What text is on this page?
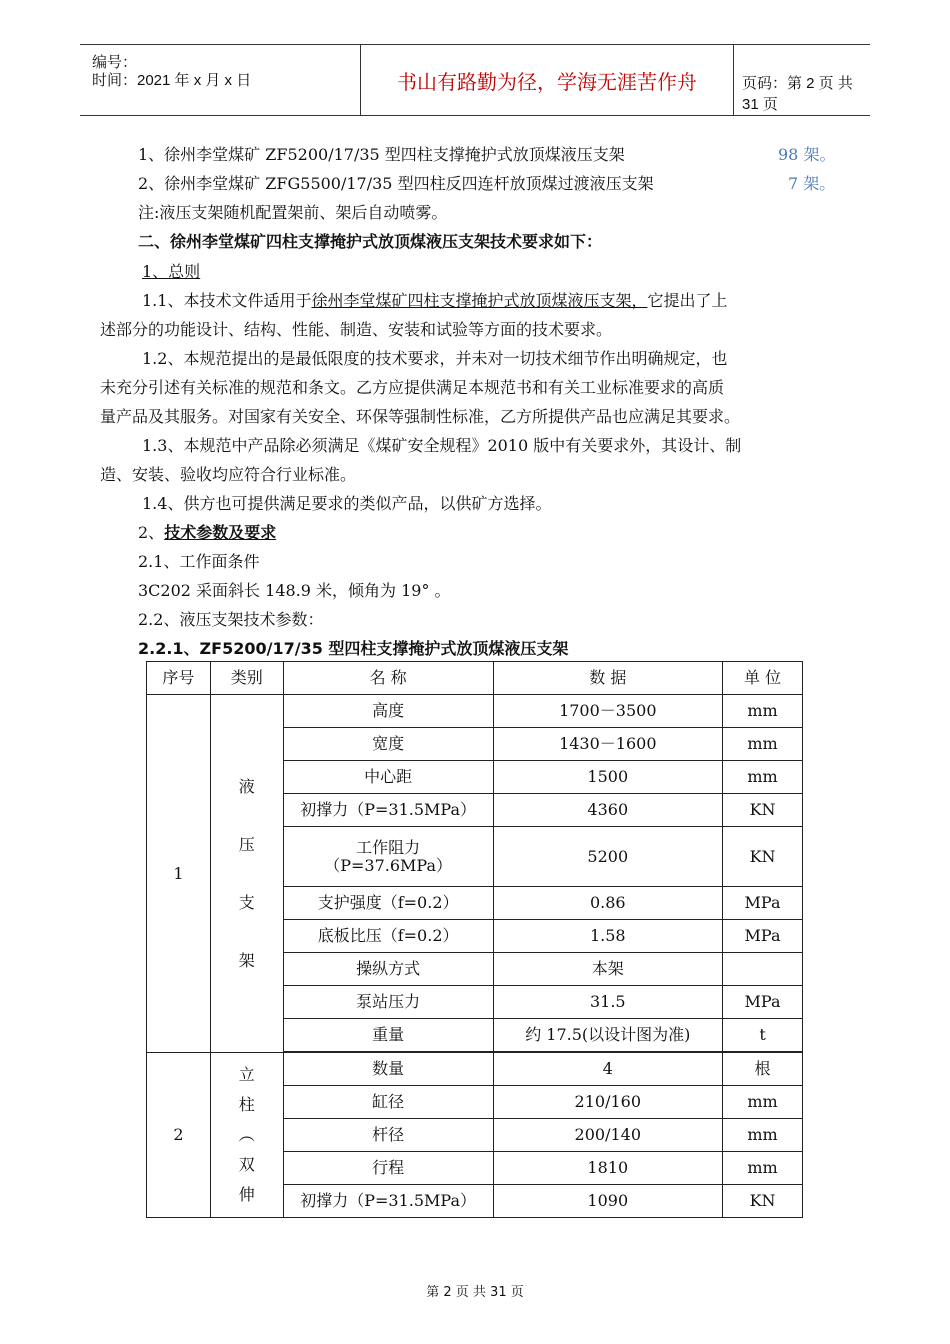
编号：
时间：2021 年 x 月 x 日	书山有路勤为径，学海无涯苦作舟	页码：第 2 页 共 31 页
1、徐州李堂煤矿 ZF5200/17/35 型四柱支撑掩护式放顶煤液压支架	98 架。
2、徐州李堂煤矿 ZFG5500/17/35 型四柱反四连杆放顶煤过渡液压支架	7 架。
注:液压支架随机配置架前、架后自动喷雾。
二、徐州李堂煤矿四柱支撑掩护式放顶煤液压支架技术要求如下：
1、总则
1.1、本技术文件适用于徐州李堂煤矿四柱支撑掩护式放顶煤液压支架，它提出了上
述部分的功能设计、结构、性能、制造、安装和试验等方面的技术要求。
1.2、本规范提出的是最低限度的技术要求，并未对一切技术细节作出明确规定，也
未充分引述有关标准的规范和条文。乙方应提供满足本规范书和有关工业标准要求的高质
量产品及其服务。对国家有关安全、环保等强制性标准，乙方所提供产品也应满足其要求。
1.3、本规范中产品除必须满足《煤矿安全规程》2010 版中有关要求外，其设计、制
造、安装、验收均应符合行业标准。
1.4、供方也可提供满足要求的类似产品，以供矿方选择。
2、技术参数及要求
2.1、工作面条件
3C202 采面斜长 148.9 米，倾角为 19° 。
2.2、液压支架技术参数：
2.2.1、ZF5200/17/35 型四柱支撑掩护式放顶煤液压支架
序号	类别	名 称	数 据	单 位
1	液
压
支
架	高度	1700－3500	mm
		宽度	1430－1600	mm
		中心距	1500	mm
		初撑力（P=31.5MPa）	4360	KN

		工作阻力
（P=37.6MPa）	5200	KN
		支护强度（f=0.2）	0.86	MPa
		底板比压（f=0.2）	1.58	MPa
		操纵方式	本架	
		泵站压力	31.5	MPa
		重量	约 17.5(以设计图为准)	t

2	立
柱
︵
双
伸	数量	4	根
		缸径	210/160	mm
		杆径	200/140	mm
		行程	1810	mm
		初撑力（P=31.5MPa）	1090	KN
第 2 页 共 31 页
